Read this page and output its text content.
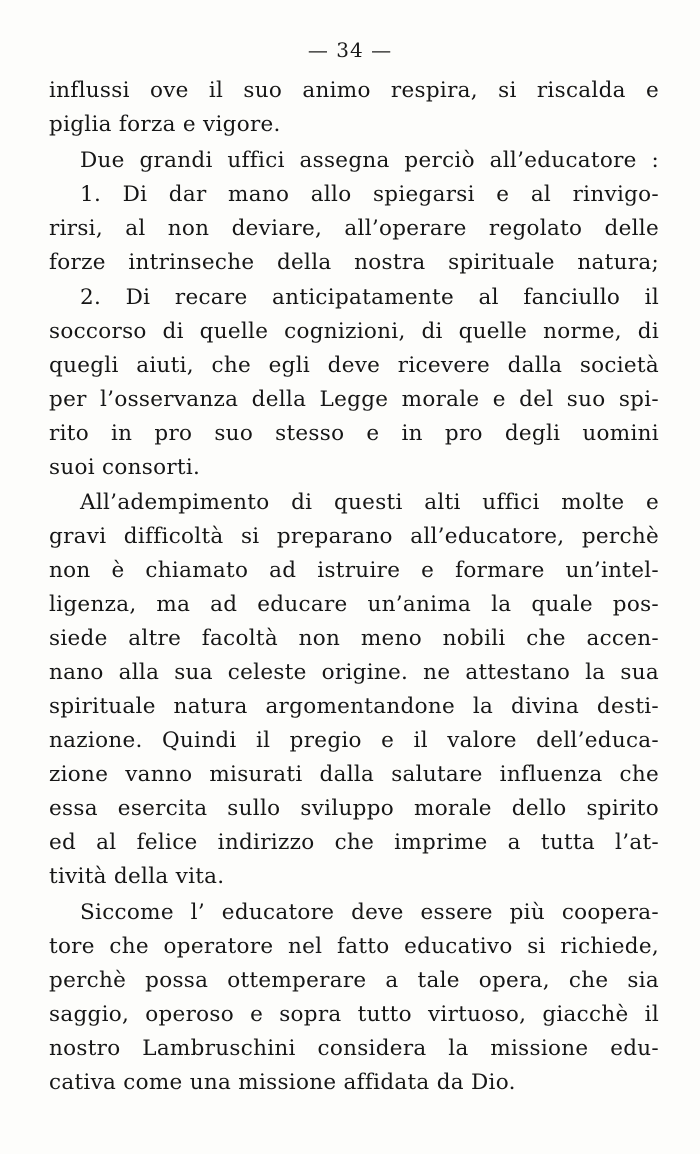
— 34 —
influssi ove il suo animo respira, si riscalda e
piglia forza e vigore.
Due grandi uffici assegna perciò all’educatore :
1. Di dar mano allo spiegarsi e al rinvigo-
rirsi, al non deviare, all’operare regolato delle
forze intrinseche della nostra spirituale natura;
2. Di recare anticipatamente al fanciullo il
soccorso di quelle cognizioni, di quelle norme, di
quegli aiuti, che egli deve ricevere dalla società
per l’osservanza della Legge morale e del suo spi-
rito in pro suo stesso e in pro degli uomini
suoi consorti.
All’adempimento di questi alti uffici molte e
gravi difficoltà si preparano all’educatore, perchè
non è chiamato ad istruire e formare un’intel-
ligenza, ma ad educare un’anima la quale pos-
siede altre facoltà non meno nobili che accen-
nano alla sua celeste origine. ne attestano la sua
spirituale natura argomentandone la divina desti-
nazione. Quindi il pregio e il valore dell’educa-
zione vanno misurati dalla salutare influenza che
essa esercita sullo sviluppo morale dello spirito
ed al felice indirizzo che imprime a tutta l’at-
tività della vita.
Siccome l’ educatore deve essere più coopera-
tore che operatore nel fatto educativo si richiede,
perchè possa ottemperare a tale opera, che sia
saggio, operoso e sopra tutto virtuoso, giacchè il
nostro Lambruschini considera la missione edu-
cativa come una missione affidata da Dio.
